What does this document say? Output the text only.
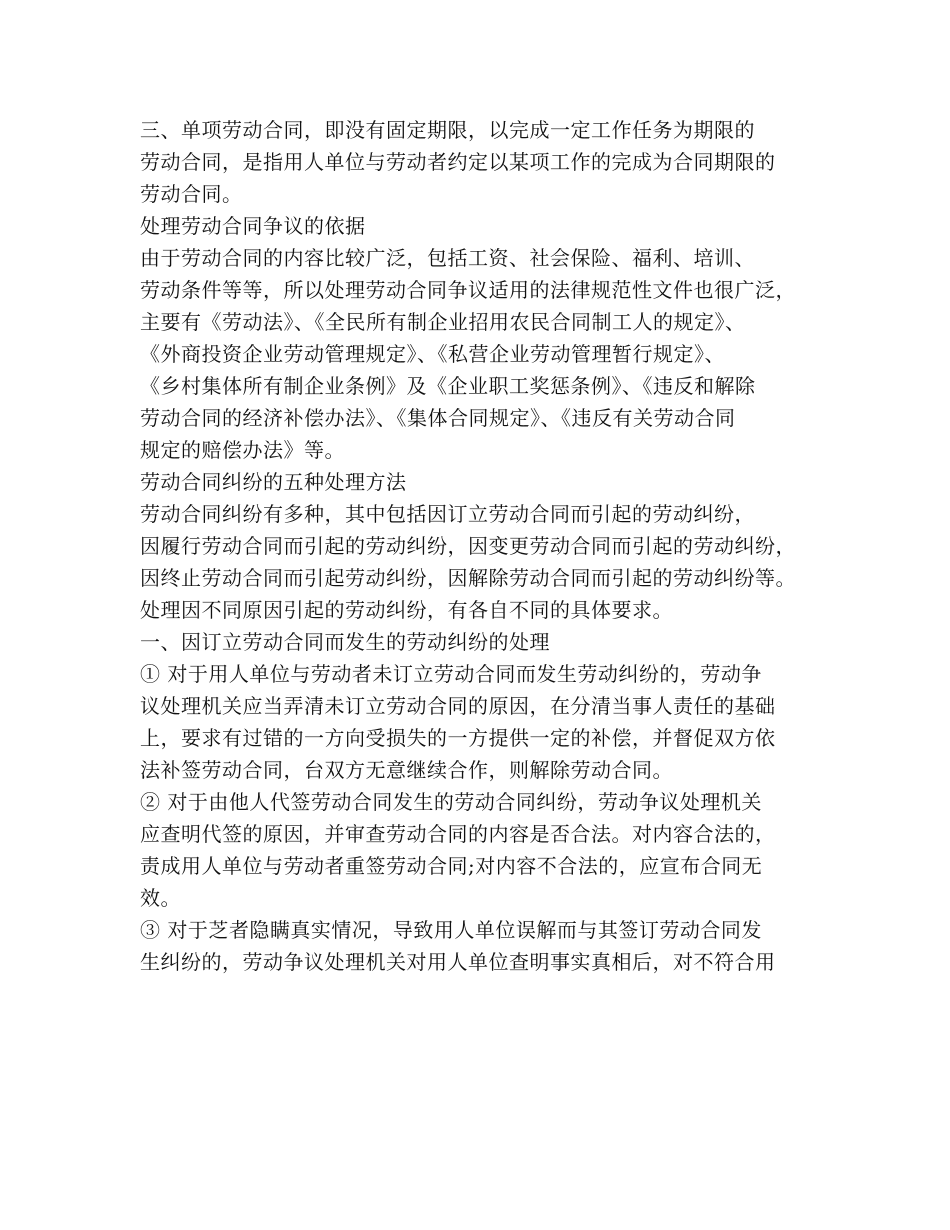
三、单项劳动合同，即没有固定期限，以完成一定工作任务为期限的
劳动合同，是指用人单位与劳动者约定以某项工作的完成为合同期限的
劳动合同。
处理劳动合同争议的依据
由于劳动合同的内容比较广泛，包括工资、社会保险、福利、培训、
劳动条件等等，所以处理劳动合同争议适用的法律规范性文件也很广泛，
主要有《劳动法》、《全民所有制企业招用农民合同制工人的规定》、
《外商投资企业劳动管理规定》、《私营企业劳动管理暂行规定》、
《乡村集体所有制企业条例》及《企业职工奖惩条例》、《违反和解除
劳动合同的经济补偿办法》、《集体合同规定》、《违反有关劳动合同
规定的赔偿办法》等。
劳动合同纠纷的五种处理方法
劳动合同纠纷有多种，其中包括因订立劳动合同而引起的劳动纠纷，
因履行劳动合同而引起的劳动纠纷，因变更劳动合同而引起的劳动纠纷，
因终止劳动合同而引起劳动纠纷，因解除劳动合同而引起的劳动纠纷等。
处理因不同原因引起的劳动纠纷，有各自不同的具体要求。
一、因订立劳动合同而发生的劳动纠纷的处理
① 对于用人单位与劳动者未订立劳动合同而发生劳动纠纷的，劳动争
议处理机关应当弄清未订立劳动合同的原因，在分清当事人责任的基础
上，要求有过错的一方向受损失的一方提供一定的补偿，并督促双方依
法补签劳动合同，台双方无意继续合作，则解除劳动合同。
② 对于由他人代签劳动合同发生的劳动合同纠纷，劳动争议处理机关
应查明代签的原因，并审查劳动合同的内容是否合法。对内容合法的，
责成用人单位与劳动者重签劳动合同;对内容不合法的，应宣布合同无
效。
③ 对于芝者隐瞒真实情况，导致用人单位误解而与其签订劳动合同发
生纠纷的，劳动争议处理机关对用人单位查明事实真相后，对不符合用
